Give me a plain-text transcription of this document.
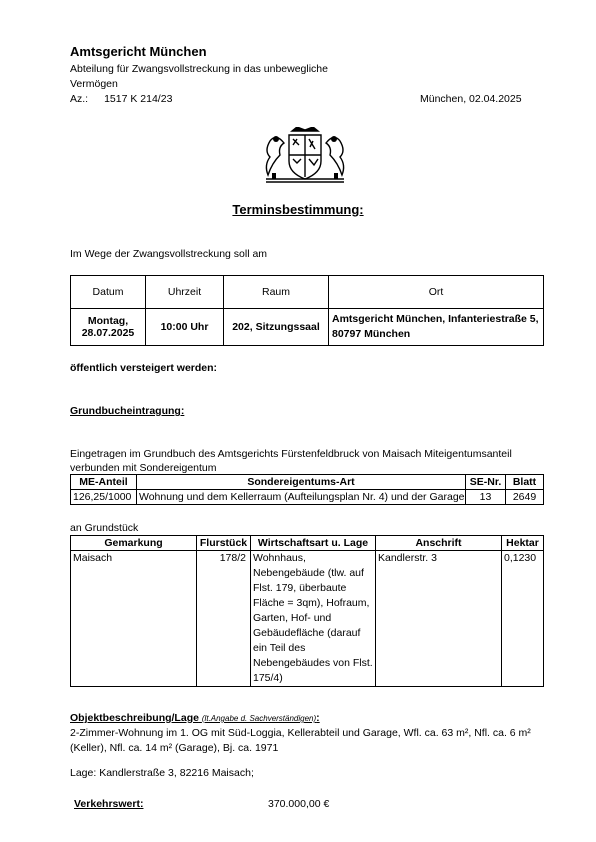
Amtsgericht München
Abteilung für Zwangsvollstreckung in das unbewegliche Vermögen
Az.: 1517 K 214/23	München, 02.04.2025
Terminsbestimmung:
Im Wege der Zwangsvollstreckung soll am
Datum	Uhrzeit	Raum	Ort
Montag, 28.07.2025	10:00 Uhr	202, Sitzungssaal	Amtsgericht München, Infanteriestraße 5, 80797 München
öffentlich versteigert werden:
Grundbucheintragung:
Eingetragen im Grundbuch des Amtsgerichts Fürstenfeldbruck von Maisach Miteigentumsanteil verbunden mit Sondereigentum
ME-Anteil	Sondereigentums-Art	SE-Nr.	Blatt
126,25/1000	Wohnung und dem Kellerraum (Aufteilungsplan Nr. 4) und der Garage	13	2649
an Grundstück
Gemarkung	Flurstück	Wirtschaftsart u. Lage	Anschrift	Hektar
Maisach	178/2	Wohnhaus, Nebengebäude (tlw. auf Flst. 179, überbaute Fläche = 3qm), Hofraum, Garten, Hof- und Gebäudefläche (darauf ein Teil des Nebengebäudes von Flst. 175/4)	Kandlerstr. 3	0,1230
Objektbeschreibung/Lage (lt.Angabe d. Sachverständigen):
2-Zimmer-Wohnung im 1. OG mit Süd-Loggia, Kellerabteil und Garage, Wfl. ca. 63 m², Nfl. ca. 6 m² (Keller), Nfl. ca. 14 m² (Garage), Bj. ca. 1971
Lage: Kandlerstraße 3, 82216 Maisach;
Verkehrswert:	370.000,00 €
